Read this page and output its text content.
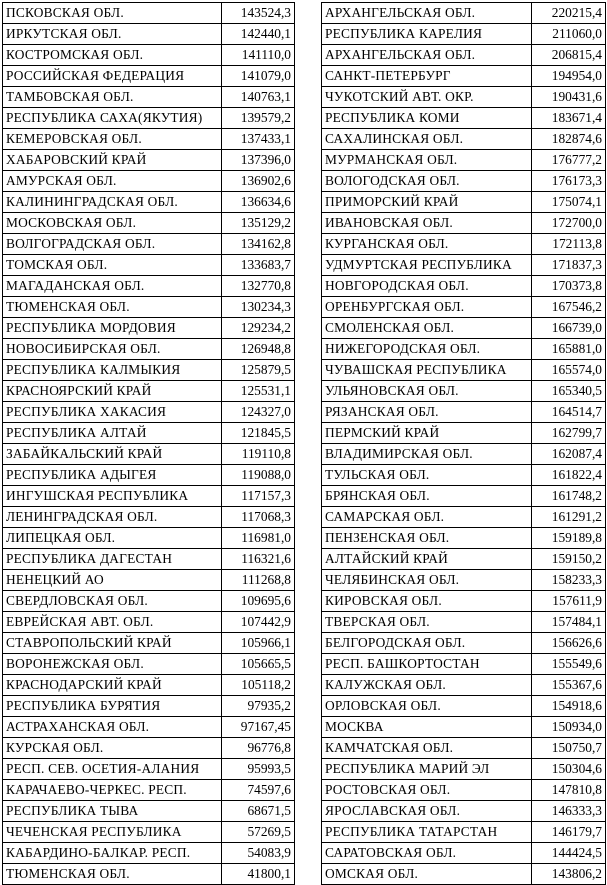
ПСКОВСКАЯ ОБЛ.	143524,3
ИРКУТСКАЯ ОБЛ.	142440,1
КОСТРОМСКАЯ ОБЛ.	141110,0
РОССИЙСКАЯ ФЕДЕРАЦИЯ	141079,0
ТАМБОВСКАЯ ОБЛ.	140763,1
РЕСПУБЛИКА САХА(ЯКУТИЯ)	139579,2
КЕМЕРОВСКАЯ ОБЛ.	137433,1
ХАБАРОВСКИЙ КРАЙ	137396,0
АМУРСКАЯ ОБЛ.	136902,6
КАЛИНИНГРАДСКАЯ ОБЛ.	136634,6
МОСКОВСКАЯ ОБЛ.	135129,2
ВОЛГОГРАДСКАЯ ОБЛ.	134162,8
ТОМСКАЯ ОБЛ.	133683,7
МАГАДАНСКАЯ ОБЛ.	132770,8
ТЮМЕНСКАЯ ОБЛ.	130234,3
РЕСПУБЛИКА МОРДОВИЯ	129234,2
НОВОСИБИРСКАЯ ОБЛ.	126948,8
РЕСПУБЛИКА КАЛМЫКИЯ	125879,5
КРАСНОЯРСКИЙ КРАЙ	125531,1
РЕСПУБЛИКА ХАКАСИЯ	124327,0
РЕСПУБЛИКА АЛТАЙ	121845,5
ЗАБАЙКАЛЬСКИЙ КРАЙ	119110,8
РЕСПУБЛИКА АДЫГЕЯ	119088,0
ИНГУШСКАЯ РЕСПУБЛИКА	117157,3
ЛЕНИНГРАДСКАЯ ОБЛ.	117068,3
ЛИПЕЦКАЯ ОБЛ.	116981,0
РЕСПУБЛИКА ДАГЕСТАН	116321,6
НЕНЕЦКИЙ АО	111268,8
СВЕРДЛОВСКАЯ ОБЛ.	109695,6
ЕВРЕЙСКАЯ АВТ. ОБЛ.	107442,9
СТАВРОПОЛЬСКИЙ КРАЙ	105966,1
ВОРОНЕЖСКАЯ ОБЛ.	105665,5
КРАСНОДАРСКИЙ КРАЙ	105118,2
РЕСПУБЛИКА БУРЯТИЯ	97935,2
АСТРАХАНСКАЯ ОБЛ.	97167,45
КУРСКАЯ ОБЛ.	96776,8
РЕСП. СЕВ. ОСЕТИЯ-АЛАНИЯ	95993,5
КАРАЧАЕВО-ЧЕРКЕС. РЕСП.	74597,6
РЕСПУБЛИКА ТЫВА	68671,5
ЧЕЧЕНСКАЯ РЕСПУБЛИКА	57269,5
КАБАРДИНО-БАЛКАР. РЕСП.	54083,9
ТЮМЕНСКАЯ ОБЛ.	41800,1
АРХАНГЕЛЬСКАЯ ОБЛ.	220215,4
РЕСПУБЛИКА КАРЕЛИЯ	211060,0
АРХАНГЕЛЬСКАЯ ОБЛ.	206815,4
САНКТ-ПЕТЕРБУРГ	194954,0
ЧУКОТСКИЙ АВТ. ОКР.	190431,6
РЕСПУБЛИКА КОМИ	183671,4
САХАЛИНСКАЯ ОБЛ.	182874,6
МУРМАНСКАЯ ОБЛ.	176777,2
ВОЛОГОДСКАЯ ОБЛ.	176173,3
ПРИМОРСКИЙ КРАЙ	175074,1
ИВАНОВСКАЯ ОБЛ.	172700,0
КУРГАНСКАЯ ОБЛ.	172113,8
УДМУРТСКАЯ РЕСПУБЛИКА	171837,3
НОВГОРОДСКАЯ ОБЛ.	170373,8
ОРЕНБУРГСКАЯ ОБЛ.	167546,2
СМОЛЕНСКАЯ ОБЛ.	166739,0
НИЖЕГОРОДСКАЯ ОБЛ.	165881,0
ЧУВАШСКАЯ РЕСПУБЛИКА	165574,0
УЛЬЯНОВСКАЯ ОБЛ.	165340,5
РЯЗАНСКАЯ ОБЛ.	164514,7
ПЕРМСКИЙ КРАЙ	162799,7
ВЛАДИМИРСКАЯ ОБЛ.	162087,4
ТУЛЬСКАЯ ОБЛ.	161822,4
БРЯНСКАЯ ОБЛ.	161748,2
САМАРСКАЯ ОБЛ.	161291,2
ПЕНЗЕНСКАЯ ОБЛ.	159189,8
АЛТАЙСКИЙ КРАЙ	159150,2
ЧЕЛЯБИНСКАЯ ОБЛ.	158233,3
КИРОВСКАЯ ОБЛ.	157611,9
ТВЕРСКАЯ ОБЛ.	157484,1
БЕЛГОРОДСКАЯ ОБЛ.	156626,6
РЕСП. БАШКОРТОСТАН	155549,6
КАЛУЖСКАЯ ОБЛ.	155367,6
ОРЛОВСКАЯ ОБЛ.	154918,6
МОСКВА	150934,0
КАМЧАТСКАЯ ОБЛ.	150750,7
РЕСПУБЛИКА МАРИЙ ЭЛ	150304,6
РОСТОВСКАЯ ОБЛ.	147810,8
ЯРОСЛАВСКАЯ ОБЛ.	146333,3
РЕСПУБЛИКА ТАТАРСТАН	146179,7
САРАТОВСКАЯ ОБЛ.	144424,5
ОМСКАЯ ОБЛ.	143806,2
